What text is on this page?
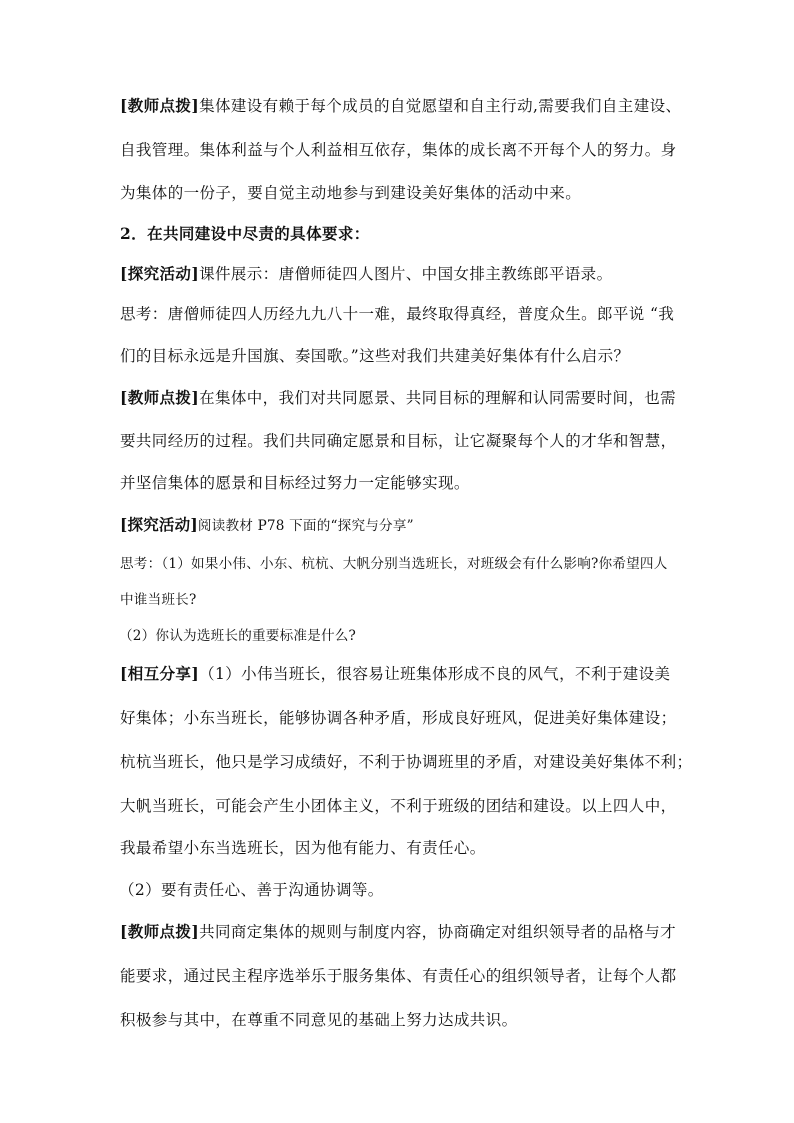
[教师点拨]集体建设有赖于每个成员的自觉愿望和自主行动,需要我们自主建设、
自我管理。集体利益与个人利益相互依存，集体的成长离不开每个人的努力。身
为集体的一份子，要自觉主动地参与到建设美好集体的活动中来。
2．在共同建设中尽责的具体要求：
[探究活动]课件展示：唐僧师徒四人图片、中国女排主教练郎平语录。
思考：唐僧师徒四人历经九九八十一难，最终取得真经，普度众生。郎平说 “我
们的目标永远是升国旗、奏国歌。”这些对我们共建美好集体有什么启示？
[教师点拨]在集体中，我们对共同愿景、共同目标的理解和认同需要时间，也需
要共同经历的过程。我们共同确定愿景和目标，让它凝聚每个人的才华和智慧，
并坚信集体的愿景和目标经过努力一定能够实现。
[探究活动]阅读教材 P78 下面的“探究与分享”
思考：（1）如果小伟、小东、杭杭、大帆分别当选班长，对班级会有什么影响?你希望四人
中谁当班长?
（2）你认为选班长的重要标准是什么?
[相互分享]（1）小伟当班长，很容易让班集体形成不良的风气，不利于建设美
好集体；小东当班长，能够协调各种矛盾，形成良好班风，促进美好集体建设；
杭杭当班长，他只是学习成绩好，不利于协调班里的矛盾，对建设美好集体不利；
大帆当班长，可能会产生小团体主义，不利于班级的团结和建设。以上四人中，
我最希望小东当选班长，因为他有能力、有责任心。
（2）要有责任心、善于沟通协调等。
[教师点拨]共同商定集体的规则与制度内容，协商确定对组织领导者的品格与才
能要求，通过民主程序选举乐于服务集体、有责任心的组织领导者，让每个人都
积极参与其中，在尊重不同意见的基础上努力达成共识。
